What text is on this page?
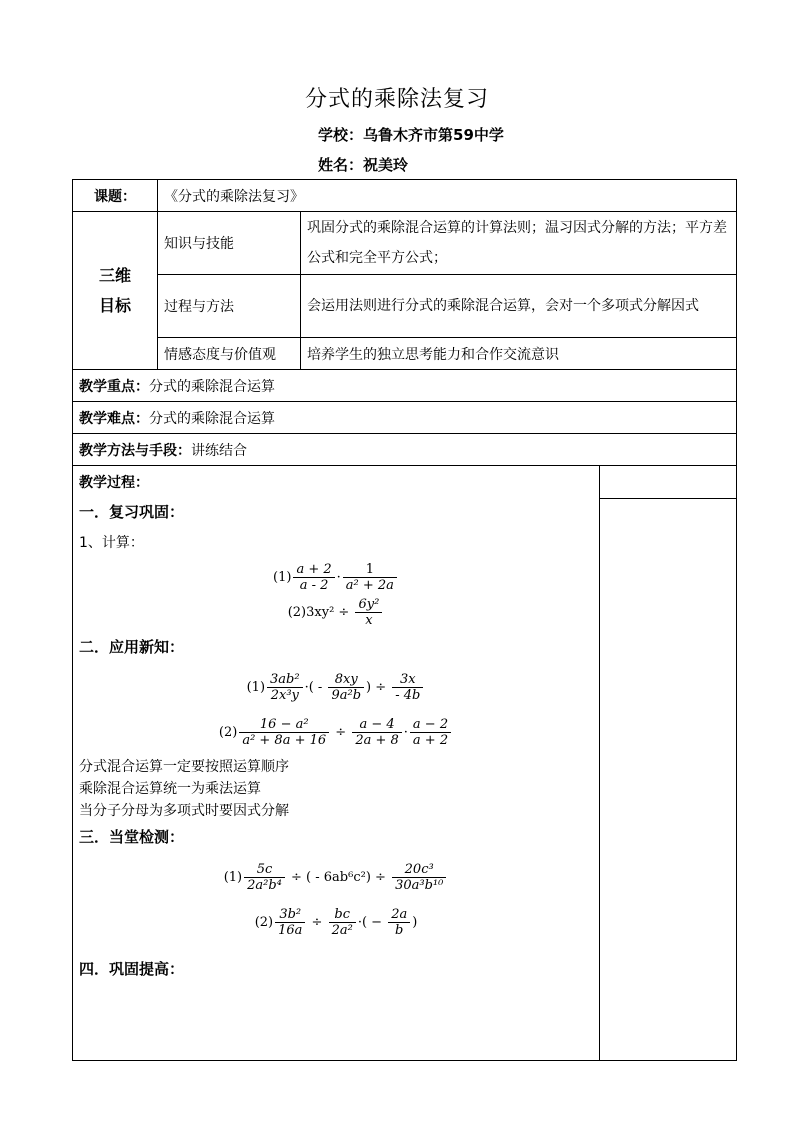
分式的乘除法复习
学校：乌鲁木齐市第59中学
姓名：祝美玲
课题：	《分式的乘除法复习》

三维
目标
	知识与技能	巩固分式的乘除混合运算的计算法则；温习因式分解的方法；平方差公式和完全平方公式；
过程与方法	会运用法则进行分式的乘除混合运算，会对一个多项式分解因式
情感态度与价值观	培养学生的独立思考能力和合作交流意识
教学重点：分式的乘除混合运算
教学难点：分式的乘除混合运算
教学方法与手段：讲练结合

教学过程：

一．复习巩固：

1、计算：

$(1) \frac{a + 2}{a - 2} \cdot \frac{1}{\text{a² + 2a}}$
$(2)3xy^2 \div \frac{\text{6y²}}{x}$

二．应用新知：

$(1) \frac{\text{3ab²}}{\text{2x³y}}$ ·( - $\frac{8xy}{\text{9a²b}}$ ) ÷ $\frac{3x}{- 4b}$
$(2) \frac{\text{16 − a²}}{\text{a² + 8a + 16}} \div \frac{a - 4}{2a + 8} \cdot \frac{a - 2}{a + 2}$

分式混合运算一定要按照运算顺序

乘除混合运算统一为乘法运算

当分子分母为多项式时要因式分解

三．当堂检测：

$(1) \frac{5c}{\text{2a²b⁴}}$ ÷ ( - $6ab^6c^2) \div \frac{\text{20c³}}{\text{30a³b¹⁰}}$
$(2) \frac{\text{3b²}}{16a} \div \frac{bc}{\text{2a²}}$ ·( − $\frac{2a}{b}$ )

四．巩固提高：
